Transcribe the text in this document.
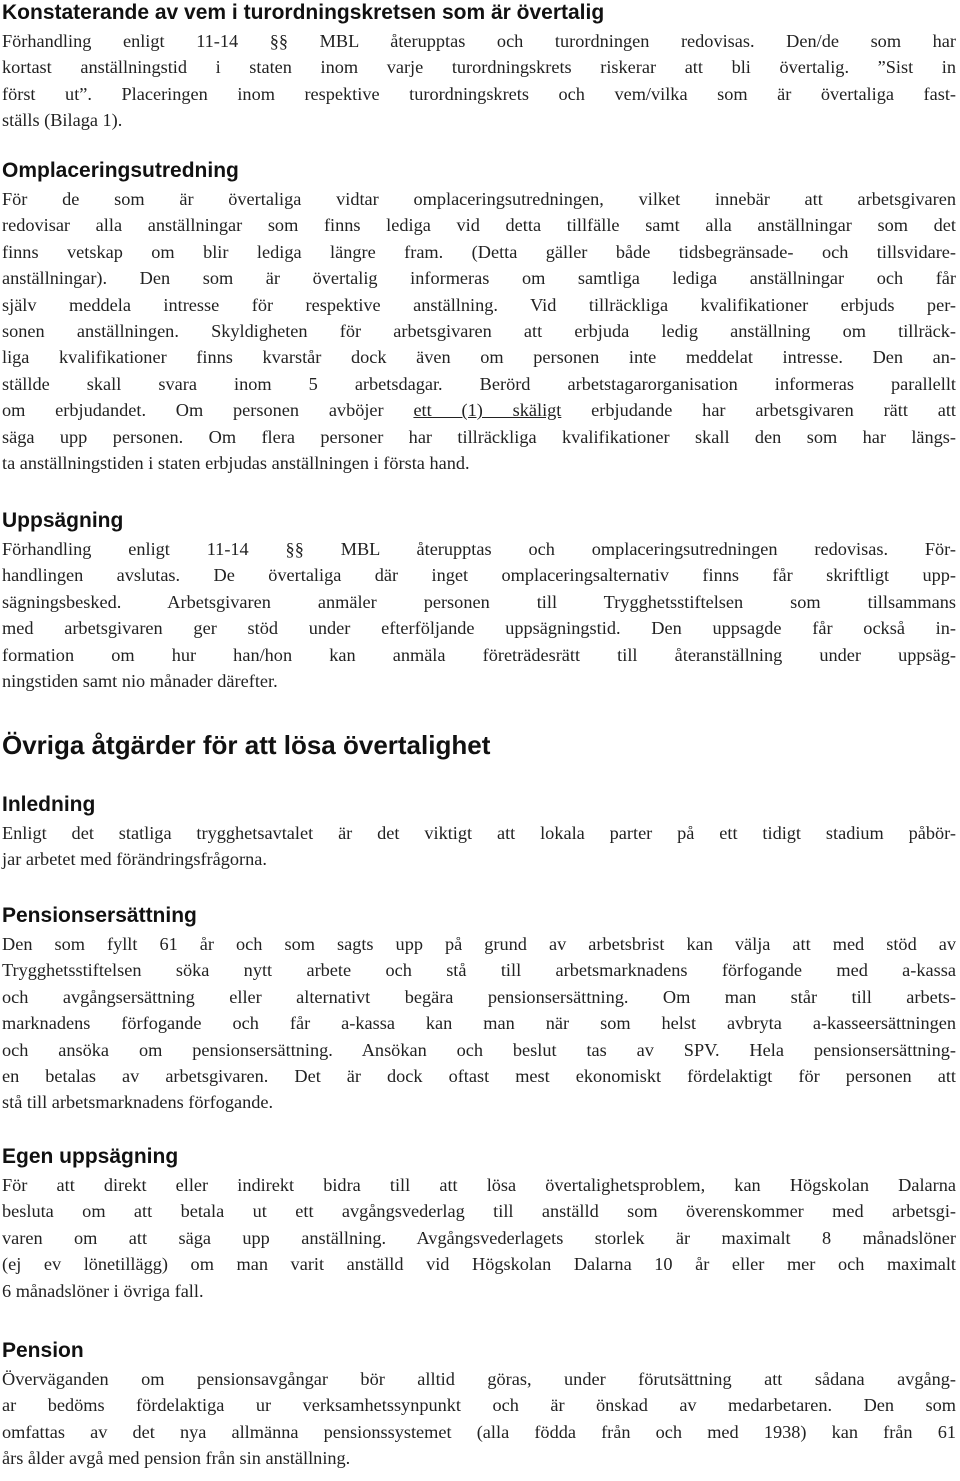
Konstaterande av vem i turordningskretsen som är övertalig

Förhandling enligt 11-14 §§ MBL återupptas och turordningen redovisas. Den/de som har
kortast anställningstid i staten inom varje turordningskrets riskerar att bli övertalig. ”Sist in
först ut”. Placeringen inom respektive turordningskrets och vem/vilka som är övertaliga fast-
ställs (Bilaga 1).

Omplaceringsutredning

För de som är övertaliga vidtar omplaceringsutredningen, vilket innebär att arbetsgivaren
redovisar alla anställningar som finns lediga vid detta tillfälle samt alla anställningar som det
finns vetskap om blir lediga längre fram. (Detta gäller både tidsbegränsade- och tillsvidare-
anställningar). Den som är övertalig informeras om samtliga lediga anställningar och får
själv meddela intresse för respektive anställning. Vid tillräckliga kvalifikationer erbjuds per-
sonen anställningen. Skyldigheten för arbetsgivaren att erbjuda ledig anställning om tillräck-
liga kvalifikationer finns kvarstår dock även om personen inte meddelat intresse. Den an-
ställde skall svara inom 5 arbetsdagar. Berörd arbetstagarorganisation informeras parallellt
om erbjudandet. Om personen avböjer ett (1) skäligt erbjudande har arbetsgivaren rätt att
säga upp personen. Om flera personer har tillräckliga kvalifikationer skall den som har längs-
ta anställningstiden i staten erbjudas anställningen i första hand.

Uppsägning

Förhandling enligt 11-14 §§ MBL återupptas och omplaceringsutredningen redovisas. För-
handlingen avslutas. De övertaliga där inget omplaceringsalternativ finns får skriftligt upp-
sägningsbesked. Arbetsgivaren anmäler personen till Trygghetsstiftelsen som tillsammans
med arbetsgivaren ger stöd under efterföljande uppsägningstid. Den uppsagde får också in-
formation om hur han/hon kan anmäla företrädesrätt till återanställning under uppsäg-
ningstiden samt nio månader därefter.

Övriga åtgärder för att lösa övertalighet
Inledning

Enligt det statliga trygghetsavtalet är det viktigt att lokala parter på ett tidigt stadium påbör-
jar arbetet med förändringsfrågorna.

Pensionsersättning

Den som fyllt 61 år och som sagts upp på grund av arbetsbrist kan välja att med stöd av
Trygghetsstiftelsen söka nytt arbete och stå till arbetsmarknadens förfogande med a-kassa
och avgångsersättning eller alternativt begära pensionsersättning. Om man står till arbets-
marknadens förfogande och får a-kassa kan man när som helst avbryta a-kasseersättningen
och ansöka om pensionsersättning. Ansökan och beslut tas av SPV. Hela pensionsersättning-
en betalas av arbetsgivaren. Det är dock oftast mest ekonomiskt fördelaktigt för personen att
stå till arbetsmarknadens förfogande.

Egen uppsägning

För att direkt eller indirekt bidra till att lösa övertalighetsproblem, kan Högskolan Dalarna
besluta om att betala ut ett avgångsvederlag till anställd som överenskommer med arbetsgi-
varen om att säga upp anställning. Avgångsvederlagets storlek är maximalt 8 månadslöner
(ej ev lönetillägg) om man varit anställd vid Högskolan Dalarna 10 år eller mer och maximalt
6 månadslöner i övriga fall.

Pension

Överväganden om pensionsavgångar bör alltid göras, under förutsättning att sådana avgång-
ar bedöms fördelaktiga ur verksamhetssynpunkt och är önskad av medarbetaren. Den som
omfattas av det nya allmänna pensionssystemet (alla födda från och med 1938) kan från 61
års ålder avgå med pension från sin anställning.
